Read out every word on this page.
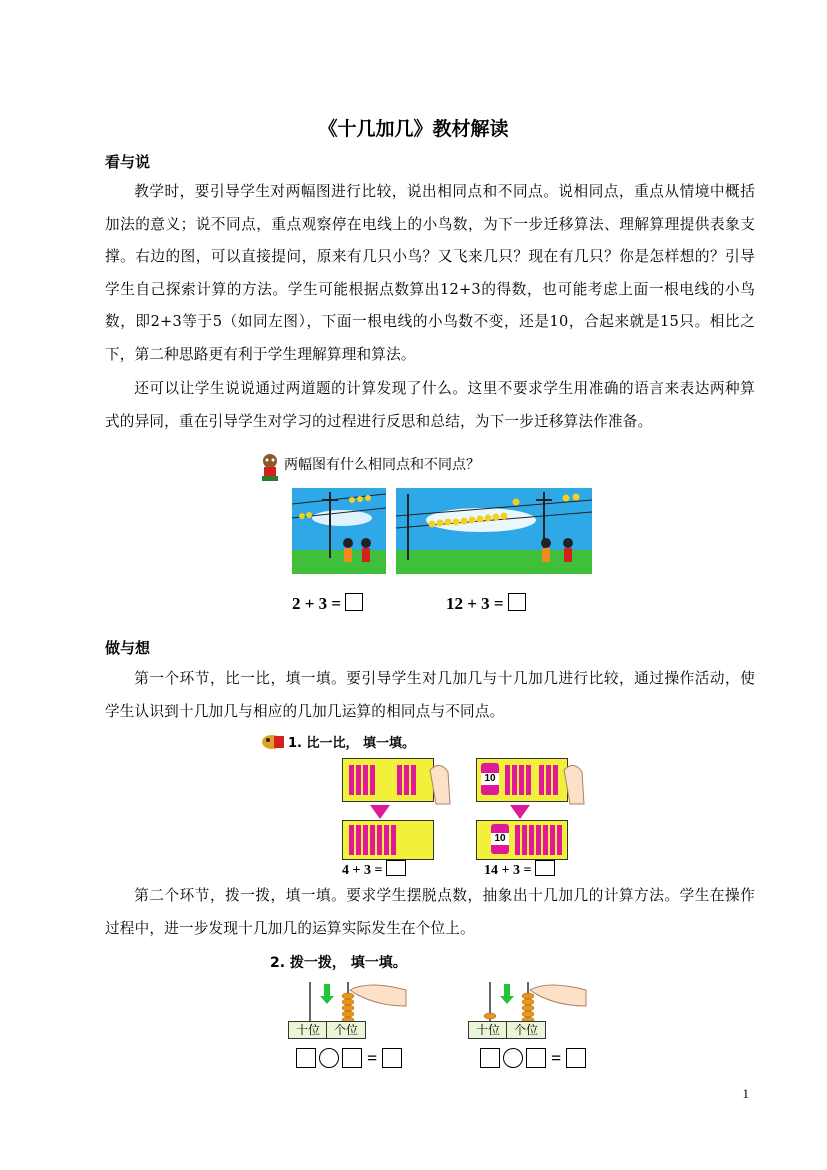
《十几加几》教材解读
看与说
教学时，要引导学生对两幅图进行比较，说出相同点和不同点。说相同点，重点从情境中概括加法的意义；说不同点，重点观察停在电线上的小鸟数，为下一步迁移算法、理解算理提供表象支撑。右边的图，可以直接提问，原来有几只小鸟？又飞来几只？现在有几只？你是怎样想的？引导学生自己探索计算的方法。学生可能根据点数算出12+3的得数，也可能考虑上面一根电线的小鸟数，即2+3等于5（如同左图），下面一根电线的小鸟数不变，还是10，合起来就是15只。相比之下，第二种思路更有利于学生理解算理和算法。
还可以让学生说说通过两道题的计算发现了什么。这里不要求学生用准确的语言来表达两种算式的异同，重在引导学生对学习的过程进行反思和总结，为下一步迁移算法作准备。
两幅图有什么相同点和不同点？
2 + 3 =	12 + 3 =
做与想
第一个环节，比一比，填一填。要引导学生对几加几与十几加几进行比较，通过操作活动，使学生认识到十几加几与相应的几加几运算的相同点与不同点。
1. 比一比， 填一填。
4 + 3 =
10
10
14 + 3 =
第二个环节，拨一拨，填一填。要求学生摆脱点数，抽象出十几加几的计算方法。学生在操作过程中，进一步发现十几加几的运算实际发生在个位上。
2. 拨一拨， 填一填。
十位	个位
=
十位	个位
=
1
